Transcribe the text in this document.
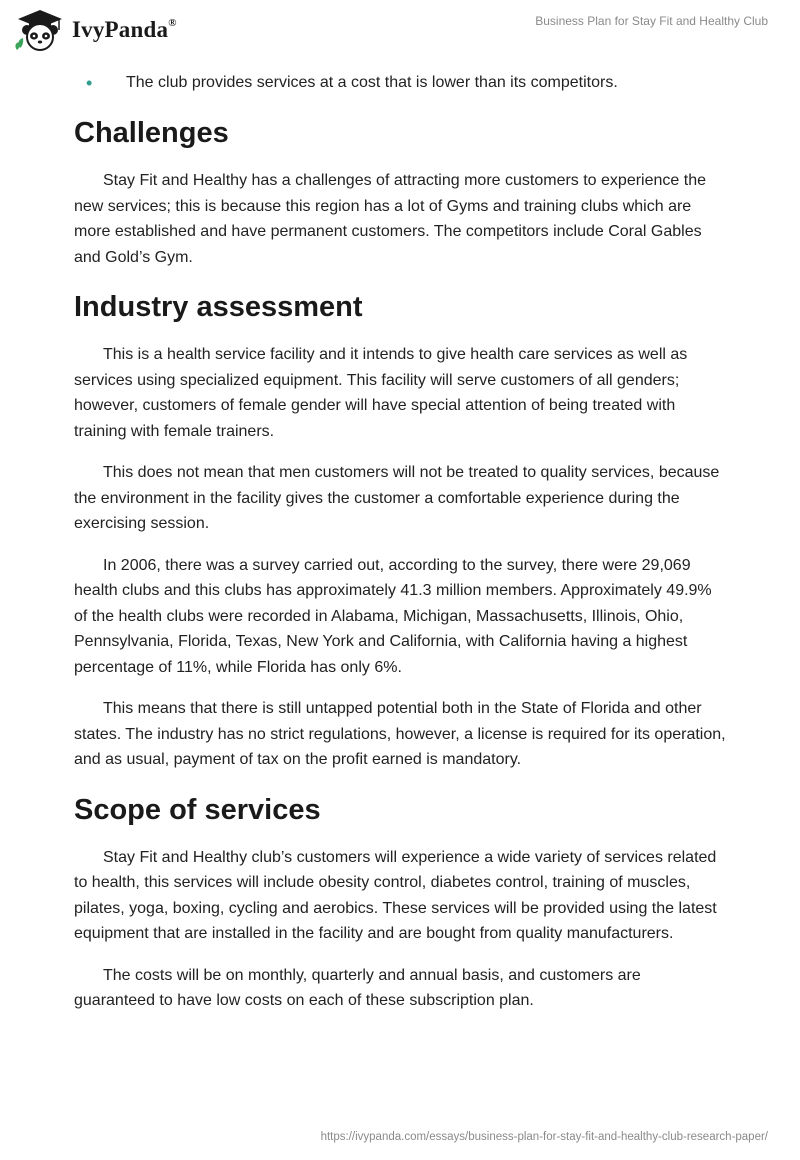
IvyPanda®	Business Plan for Stay Fit and Healthy Club
•	The club provides services at a cost that is lower than its competitors.
Challenges

Stay Fit and Healthy has a challenges of attracting more customers to experience the new services; this is because this region has a lot of Gyms and training clubs which are more established and have permanent customers. The competitors include Coral Gables and Gold’s Gym.

Industry assessment

This is a health service facility and it intends to give health care services as well as services using specialized equipment. This facility will serve customers of all genders; however, customers of female gender will have special attention of being treated with training with female trainers.

This does not mean that men customers will not be treated to quality services, because the environment in the facility gives the customer a comfortable experience during the exercising session.

In 2006, there was a survey carried out, according to the survey, there were 29,069 health clubs and this clubs has approximately 41.3 million members. Approximately 49.9% of the health clubs were recorded in Alabama, Michigan, Massachusetts, Illinois, Ohio, Pennsylvania, Florida, Texas, New York and California, with California having a highest percentage of 11%, while Florida has only 6%.

This means that there is still untapped potential both in the State of Florida and other states. The industry has no strict regulations, however, a license is required for its operation, and as usual, payment of tax on the profit earned is mandatory.

Scope of services

Stay Fit and Healthy club’s customers will experience a wide variety of services related to health, this services will include obesity control, diabetes control, training of muscles, pilates, yoga, boxing, cycling and aerobics. These services will be provided using the latest equipment that are installed in the facility and are bought from quality manufacturers.

The costs will be on monthly, quarterly and annual basis, and customers are guaranteed to have low costs on each of these subscription plan.

https://ivypanda.com/essays/business-plan-for-stay-fit-and-healthy-club-research-paper/
